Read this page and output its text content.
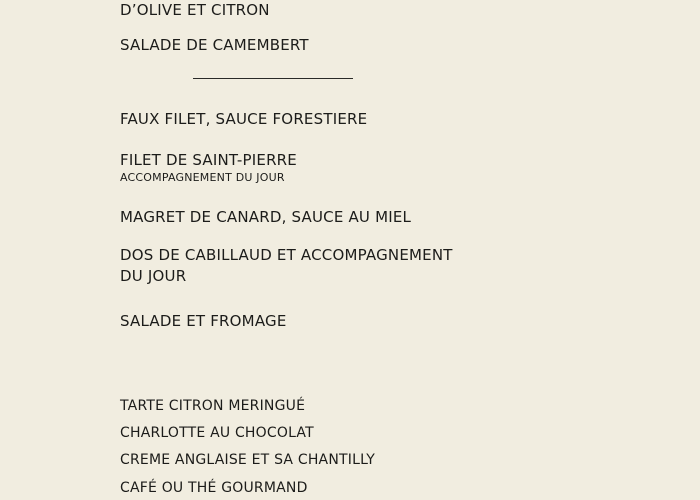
D’OLIVE ET CITRON
SALADE DE CAMEMBERT
FAUX FILET, SAUCE FORESTIERE
FILET DE SAINT-PIERRE
ACCOMPAGNEMENT DU JOUR
MAGRET DE CANARD, SAUCE AU MIEL
DOS DE CABILLAUD ET ACCOMPAGNEMENT
DU JOUR
SALADE ET FROMAGE
TARTE CITRON MERINGUÉ
CHARLOTTE AU CHOCOLAT
CREME ANGLAISE ET SA CHANTILLY
CAFÉ OU THÉ GOURMAND
